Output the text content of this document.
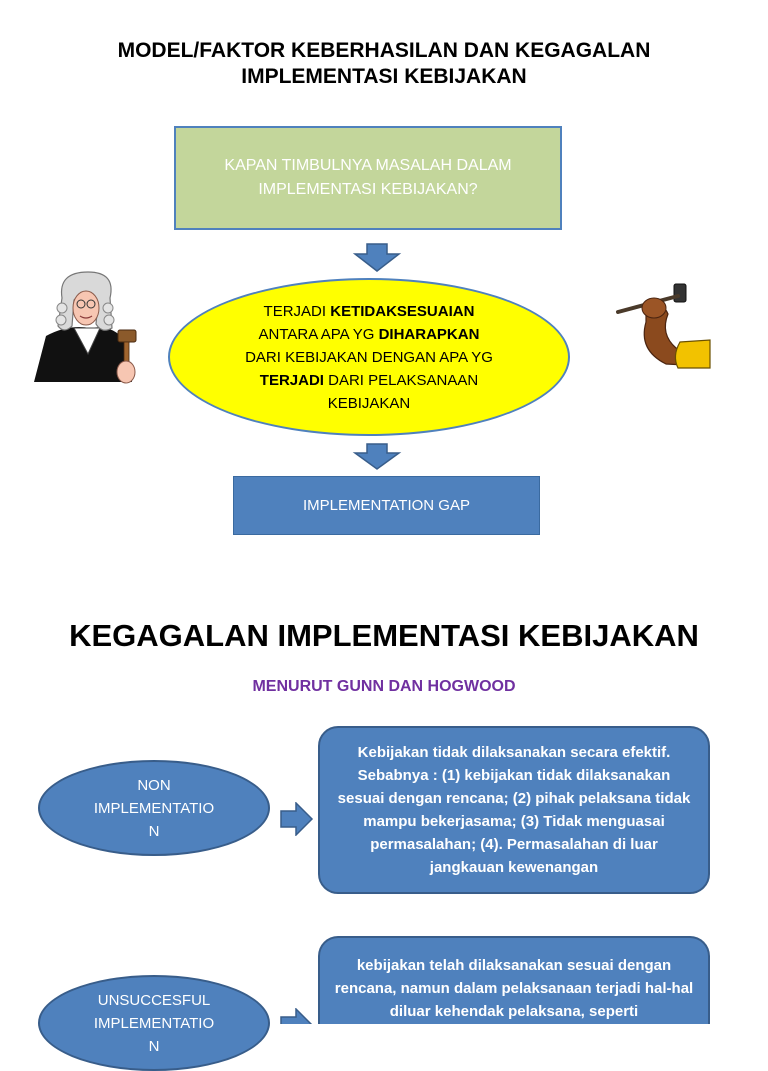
MODEL/FAKTOR KEBERHASILAN DAN KEGAGALAN
IMPLEMENTASI KEBIJAKAN
KAPAN TIMBULNYA MASALAH DALAM IMPLEMENTASI KEBIJAKAN?
TERJADI KETIDAKSESUAIAN
ANTARA APA YG DIHARAPKAN
DARI KEBIJAKAN DENGAN APA YG
TERJADI DARI PELAKSANAAN
KEBIJAKAN
IMPLEMENTATION GAP
KEGAGALAN IMPLEMENTASI KEBIJAKAN
MENURUT GUNN DAN HOGWOOD
NON
IMPLEMENTATIO
N
Kebijakan tidak dilaksanakan secara efektif. Sebabnya : (1) kebijakan tidak dilaksanakan sesuai dengan rencana; (2) pihak pelaksana tidak mampu bekerjasama; (3) Tidak menguasai permasalahan; (4). Permasalahan di luar jangkauan kewenangan
UNSUCCESFUL
IMPLEMENTATIO
N
kebijakan telah dilaksanakan sesuai dengan rencana, namun dalam pelaksanaan terjadi hal-hal diluar kehendak pelaksana, seperti
